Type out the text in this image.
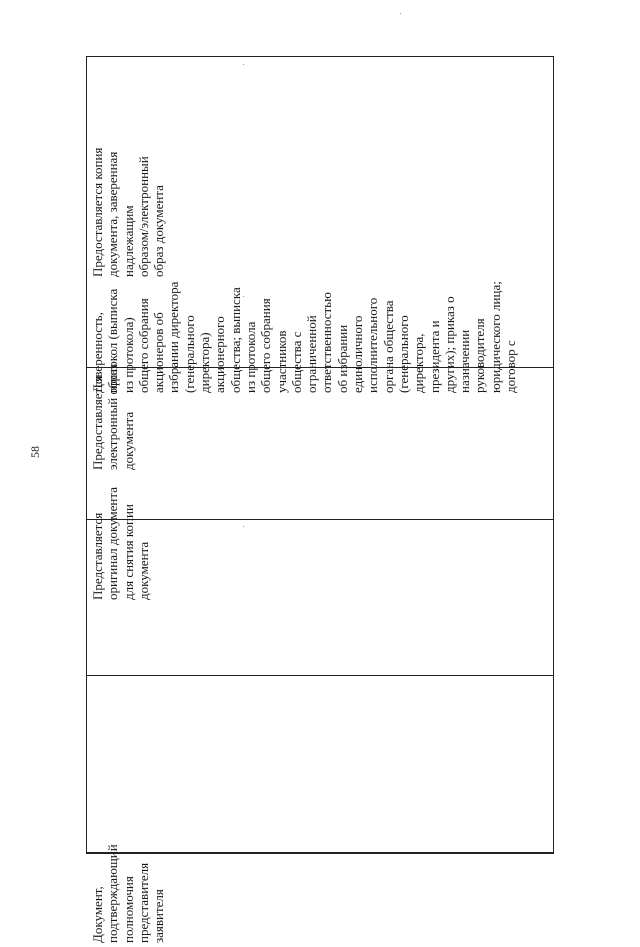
58
Документ,
подтверждающий
полномочия
представителя
заявителя
Доверенность,
протокол (выписка
из протокола)
общего собрания
акционеров об
избрании директора
(генерального
директора)
акционерного
общества; выписка
из протокола
общего собрания
участников
общества с
ограниченной
ответственностью
об избрании
единоличного
исполнительного
органа общества
(генерального
директора,
президента и
других); приказ о
назначении
руководителя
юридического лица;
договор с
Представляется
оригинал документа
для снятия копии
документа
Предоставляется
электронный образ
документа
Предоставляется копия
документа, заверенная
надлежащим
образом/электронный
образ документа
